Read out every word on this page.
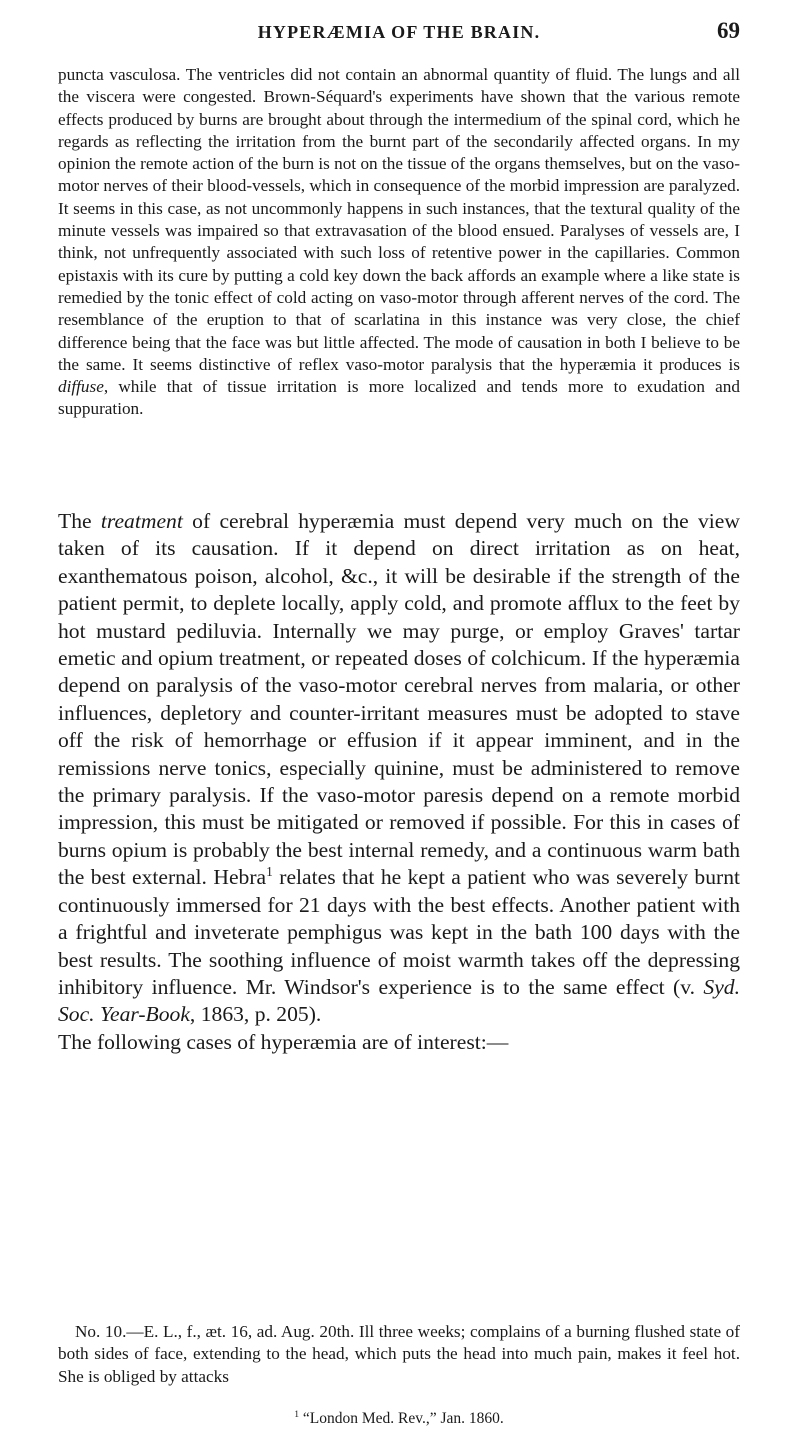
HYPERÆMIA OF THE BRAIN.	69

puncta vasculosa. The ventricles did not contain an abnormal quantity of fluid. The lungs and all the viscera were congested. Brown-Séquard's experiments have shown that the various remote effects produced by burns are brought about through the intermedium of the spinal cord, which he regards as reflecting the irritation from the burnt part of the secondarily affected organs. In my opinion the remote action of the burn is not on the tissue of the organs themselves, but on the vaso-motor nerves of their blood-vessels, which in consequence of the morbid impression are paralyzed. It seems in this case, as not uncommonly happens in such instances, that the textural quality of the minute vessels was impaired so that extravasation of the blood ensued. Paralyses of vessels are, I think, not unfrequently associated with such loss of retentive power in the capillaries. Common epistaxis with its cure by putting a cold key down the back affords an example where a like state is remedied by the tonic effect of cold acting on vaso-motor through afferent nerves of the cord. The resemblance of the eruption to that of scarlatina in this instance was very close, the chief difference being that the face was but little affected. The mode of causation in both I believe to be the same. It seems distinctive of reflex vaso-motor paralysis that the hyperæmia it produces is diffuse, while that of tissue irritation is more localized and tends more to exudation and suppuration.

The treatment of cerebral hyperæmia must depend very much on the view taken of its causation. If it depend on direct irritation as on heat, exanthematous poison, alcohol, &c., it will be desirable if the strength of the patient permit, to deplete locally, apply cold, and promote afflux to the feet by hot mustard pediluvia. Internally we may purge, or employ Graves' tartar emetic and opium treatment, or repeated doses of colchicum. If the hyperæmia depend on paralysis of the vaso-motor cerebral nerves from malaria, or other influences, depletory and counter-irritant measures must be adopted to stave off the risk of hemorrhage or effusion if it appear imminent, and in the remissions nerve tonics, especially quinine, must be administered to remove the primary paralysis. If the vaso-motor paresis depend on a remote morbid impression, this must be mitigated or removed if possible. For this in cases of burns opium is probably the best internal remedy, and a continuous warm bath the best external. Hebra$^1$ relates that he kept a patient who was severely burnt continuously immersed for 21 days with the best effects. Another patient with a frightful and inveterate pemphigus was kept in the bath 100 days with the best results. The soothing influence of moist warmth takes off the depressing inhibitory influence. Mr. Windsor's experience is to the same effect (v. Syd. Soc. Year-Book, 1863, p. 205).

The following cases of hyperæmia are of interest:—

No. 10.—E. L., f., æt. 16, ad. Aug. 20th. Ill three weeks; complains of a burning flushed state of both sides of face, extending to the head, which puts the head into much pain, makes it feel hot. She is obliged by attacks

$^1$ “London Med. Rev.,” Jan. 1860.
